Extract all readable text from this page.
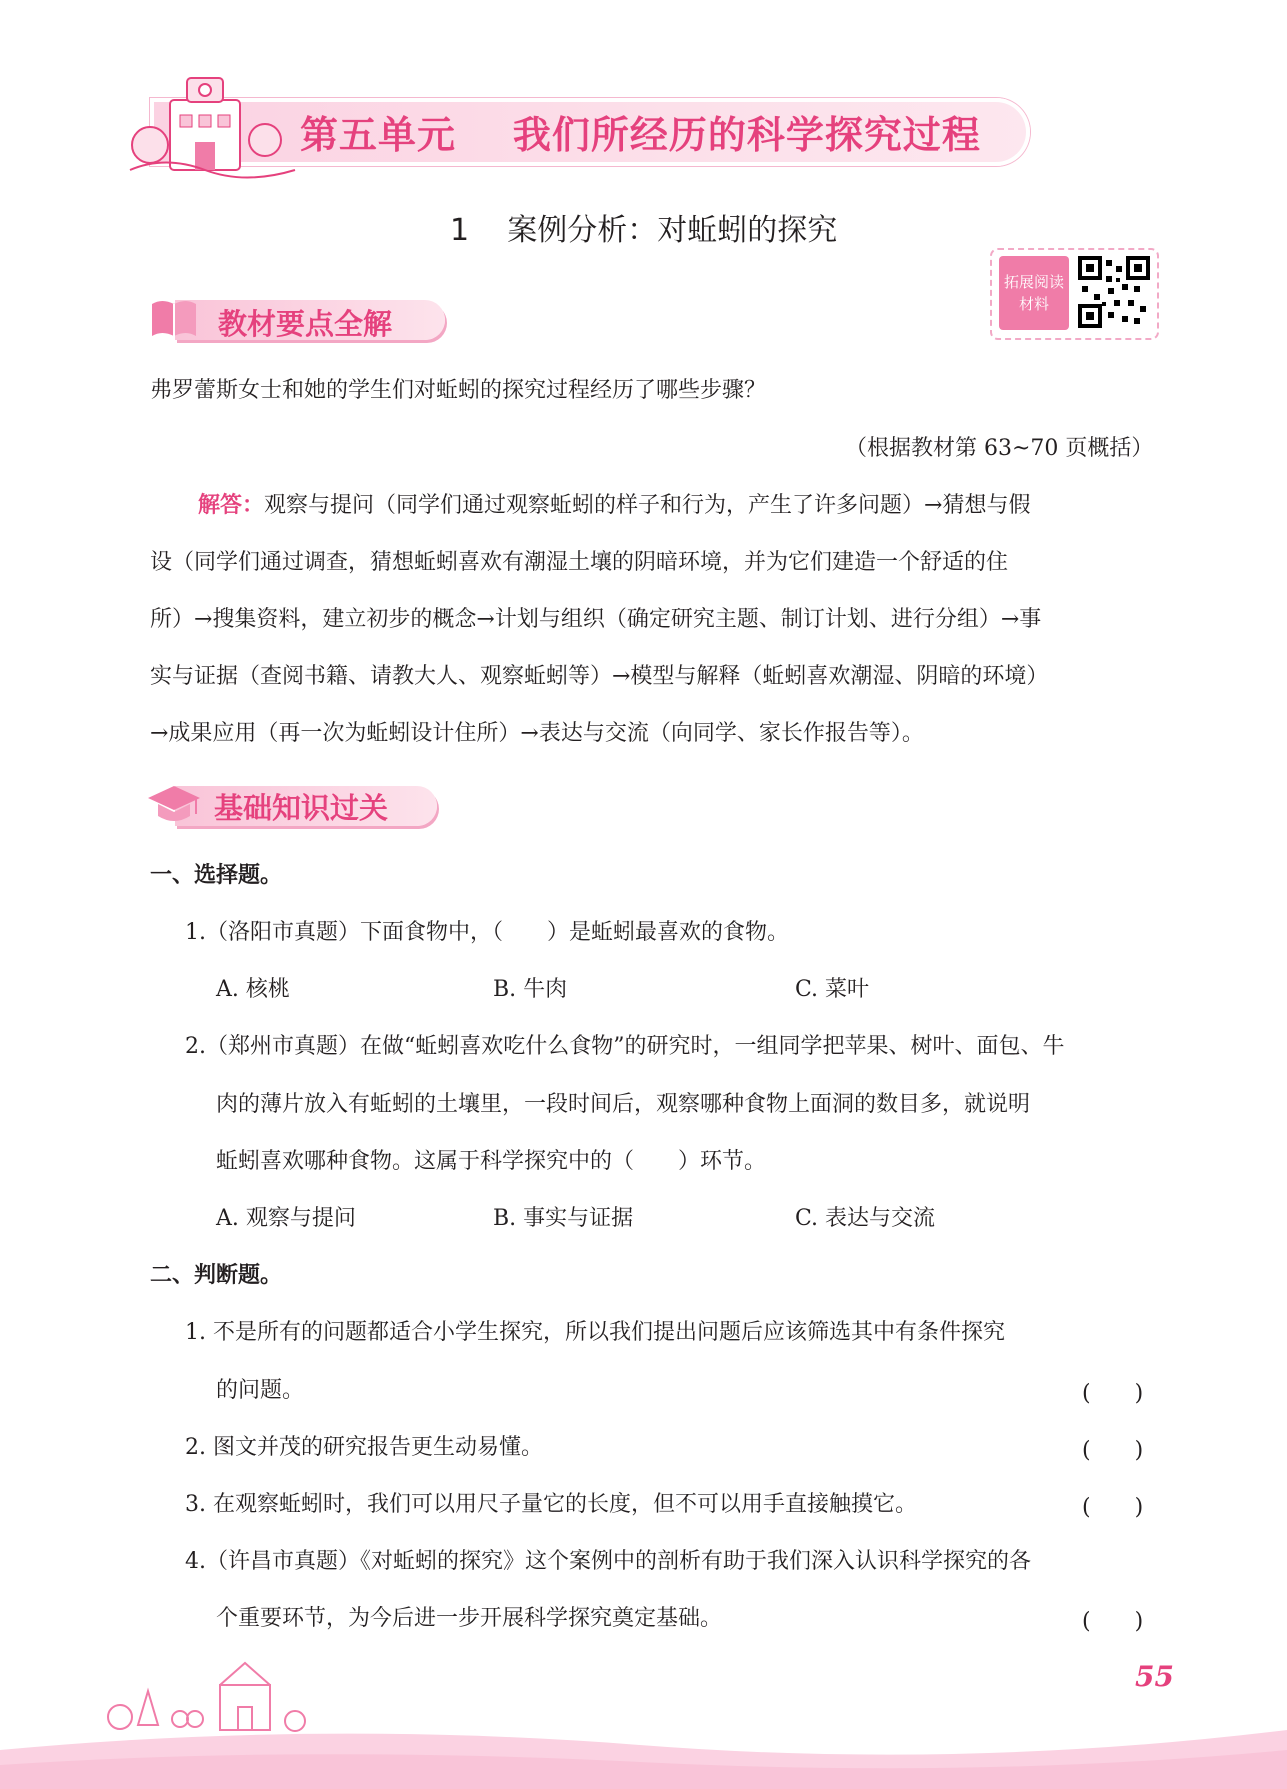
第五单元    我们所经历的科学探究过程
1    案例分析：对蚯蚓的探究
拓展阅读
材料
教材要点全解
弗罗蕾斯女士和她的学生们对蚯蚓的探究过程经历了哪些步骤？
（根据教材第 63~70 页概括）
解答：观察与提问（同学们通过观察蚯蚓的样子和行为，产生了许多问题）→猜想与假
设（同学们通过调查，猜想蚯蚓喜欢有潮湿土壤的阴暗环境，并为它们建造一个舒适的住
所）→搜集资料，建立初步的概念→计划与组织（确定研究主题、制订计划、进行分组）→事
实与证据（查阅书籍、请教大人、观察蚯蚓等）→模型与解释（蚯蚓喜欢潮湿、阴暗的环境）
→成果应用（再一次为蚯蚓设计住所）→表达与交流（向同学、家长作报告等）。
基础知识过关
一、选择题。
1.（洛阳市真题）下面食物中，（　　）是蚯蚓最喜欢的食物。
A. 核桃	B. 牛肉	C. 菜叶
2.（郑州市真题）在做“蚯蚓喜欢吃什么食物”的研究时，一组同学把苹果、树叶、面包、牛
肉的薄片放入有蚯蚓的土壤里，一段时间后，观察哪种食物上面洞的数目多，就说明
蚯蚓喜欢哪种食物。这属于科学探究中的（　　）环节。
A. 观察与提问	B. 事实与证据	C. 表达与交流
二、判断题。
1. 不是所有的问题都适合小学生探究，所以我们提出问题后应该筛选其中有条件探究
的问题。	(　　)
2. 图文并茂的研究报告更生动易懂。	(　　)
3. 在观察蚯蚓时，我们可以用尺子量它的长度，但不可以用手直接触摸它。	(　　)
4.（许昌市真题）《对蚯蚓的探究》这个案例中的剖析有助于我们深入认识科学探究的各
个重要环节，为今后进一步开展科学探究奠定基础。	(　　)
55
